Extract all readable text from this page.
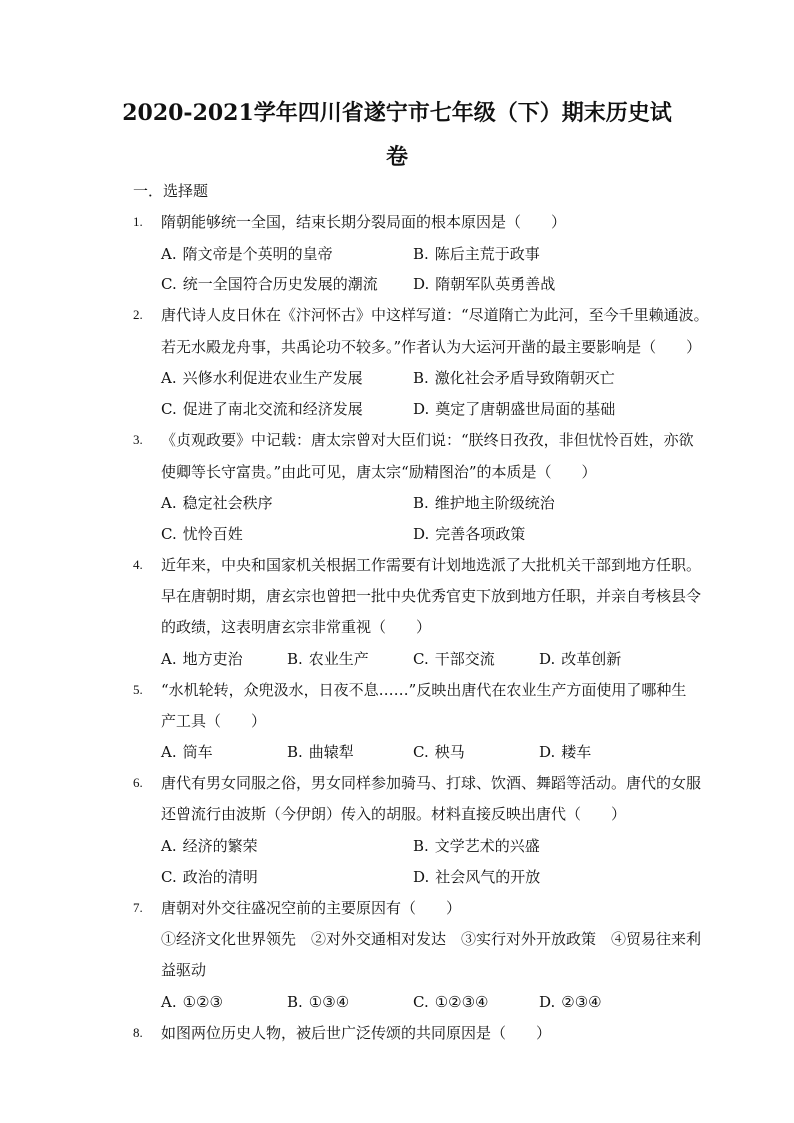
2020-2021学年四川省遂宁市七年级（下）期末历史试
卷
一．选择题
1. 隋朝能够统一全国，结束长期分裂局面的根本原因是（　　）
A. 隋文帝是个英明的皇帝	B. 陈后主荒于政事
C. 统一全国符合历史发展的潮流 D. 隋朝军队英勇善战
2. 唐代诗人皮日休在《汴河怀古》中这样写道：“尽道隋亡为此河，至今千里赖通波。
若无水殿龙舟事，共禹论功不较多。”作者认为大运河开凿的最主要影响是（　　）
A. 兴修水利促进农业生产发展	B. 激化社会矛盾导致隋朝灭亡
C. 促进了南北交流和经济发展	D. 奠定了唐朝盛世局面的基础
3. 《贞观政要》中记载：唐太宗曾对大臣们说：“朕终日孜孜，非但忧怜百姓，亦欲
使卿等长守富贵。”由此可见，唐太宗“励精图治”的本质是（　　）
A. 稳定社会秩序	B. 维护地主阶级统治
C. 忧怜百姓	D. 完善各项政策
4. 近年来，中央和国家机关根据工作需要有计划地选派了大批机关干部到地方任职。
早在唐朝时期，唐玄宗也曾把一批中央优秀官吏下放到地方任职，并亲自考核县令
的政绩，这表明唐玄宗非常重视（　　）
A. 地方吏治	B. 农业生产	C. 干部交流	D. 改革创新
5. “水机轮转，众兜汲水，日夜不息……”反映出唐代在农业生产方面使用了哪种生
产工具（　　）
A. 筒车	B. 曲辕犁	C. 秧马	D. 耧车
6. 唐代有男女同服之俗，男女同样参加骑马、打球、饮酒、舞蹈等活动。唐代的女服
还曾流行由波斯（今伊朗）传入的胡服。材料直接反映出唐代（　　）
A. 经济的繁荣	B. 文学艺术的兴盛
C. 政治的清明	D. 社会风气的开放
7. 唐朝对外交往盛况空前的主要原因有（　　）
①经济文化世界领先　②对外交通相对发达　③实行对外开放政策　④贸易往来利
益驱动
A. ①②③	B. ①③④	C. ①②③④	D. ②③④
8. 如图两位历史人物，被后世广泛传颂的共同原因是（　　）
